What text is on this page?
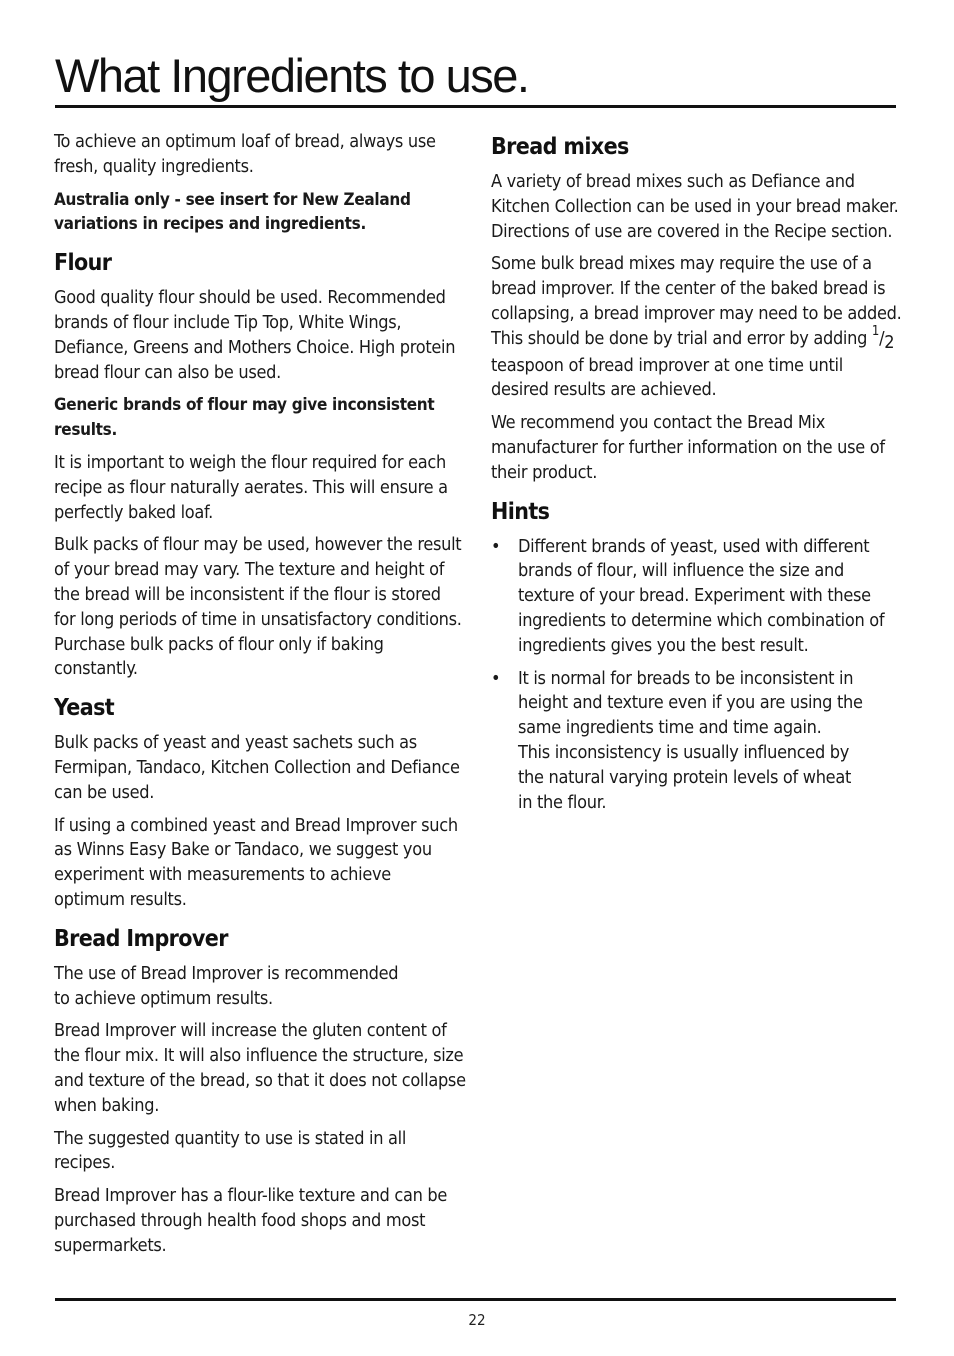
What Ingredients to use.

To achieve an optimum loaf of bread, always use fresh, quality ingredients.

Australia only - see insert for New Zealand variations in recipes and ingredients.

Flour

Good quality flour should be used. Recommended brands of flour include Tip Top, White Wings, Defiance, Greens and Mothers Choice. High protein bread flour can also be used.

Generic brands of flour may give inconsistent results.

It is important to weigh the flour required for each recipe as flour naturally aerates. This will ensure a perfectly baked loaf.

Bulk packs of flour may be used, however the result of your bread may vary. The texture and height of the bread will be inconsistent if the flour is stored for long periods of time in unsatisfactory conditions. Purchase bulk packs of flour only if baking constantly.

Yeast

Bulk packs of yeast and yeast sachets such as Fermipan, Tandaco, Kitchen Collection and Defiance can be used.

If using a combined yeast and Bread Improver such as Winns Easy Bake or Tandaco, we suggest you experiment with measurements to achieve optimum results.

Bread Improver

The use of Bread Improver is recommended
to achieve optimum results.

Bread Improver will increase the gluten content of the flour mix. It will also influence the structure, size and texture of the bread, so that it does not collapse when baking.

The suggested quantity to use is stated in all recipes.

Bread Improver has a flour-like texture and can be purchased through health food shops and most supermarkets.

Bread mixes

A variety of bread mixes such as Defiance and Kitchen Collection can be used in your bread maker. Directions of use are covered in the Recipe section.

Some bulk bread mixes may require the use of a bread improver. If the center of the baked bread is collapsing, a bread improver may need to be added. This should be done by trial and error by adding $^1$/2 teaspoon of bread improver at one time until desired results are achieved.

We recommend you contact the Bread Mix manufacturer for further information on the use of their product.

Hints
• Different brands of yeast, used with different brands of flour, will influence the size and texture of your bread. Experiment with these ingredients to determine which combination of ingredients gives you the best result.
• It is normal for breads to be inconsistent in height and texture even if you are using the same ingredients time and time again.
This inconsistency is usually influenced by
the natural varying protein levels of wheat
in the flour.
22
